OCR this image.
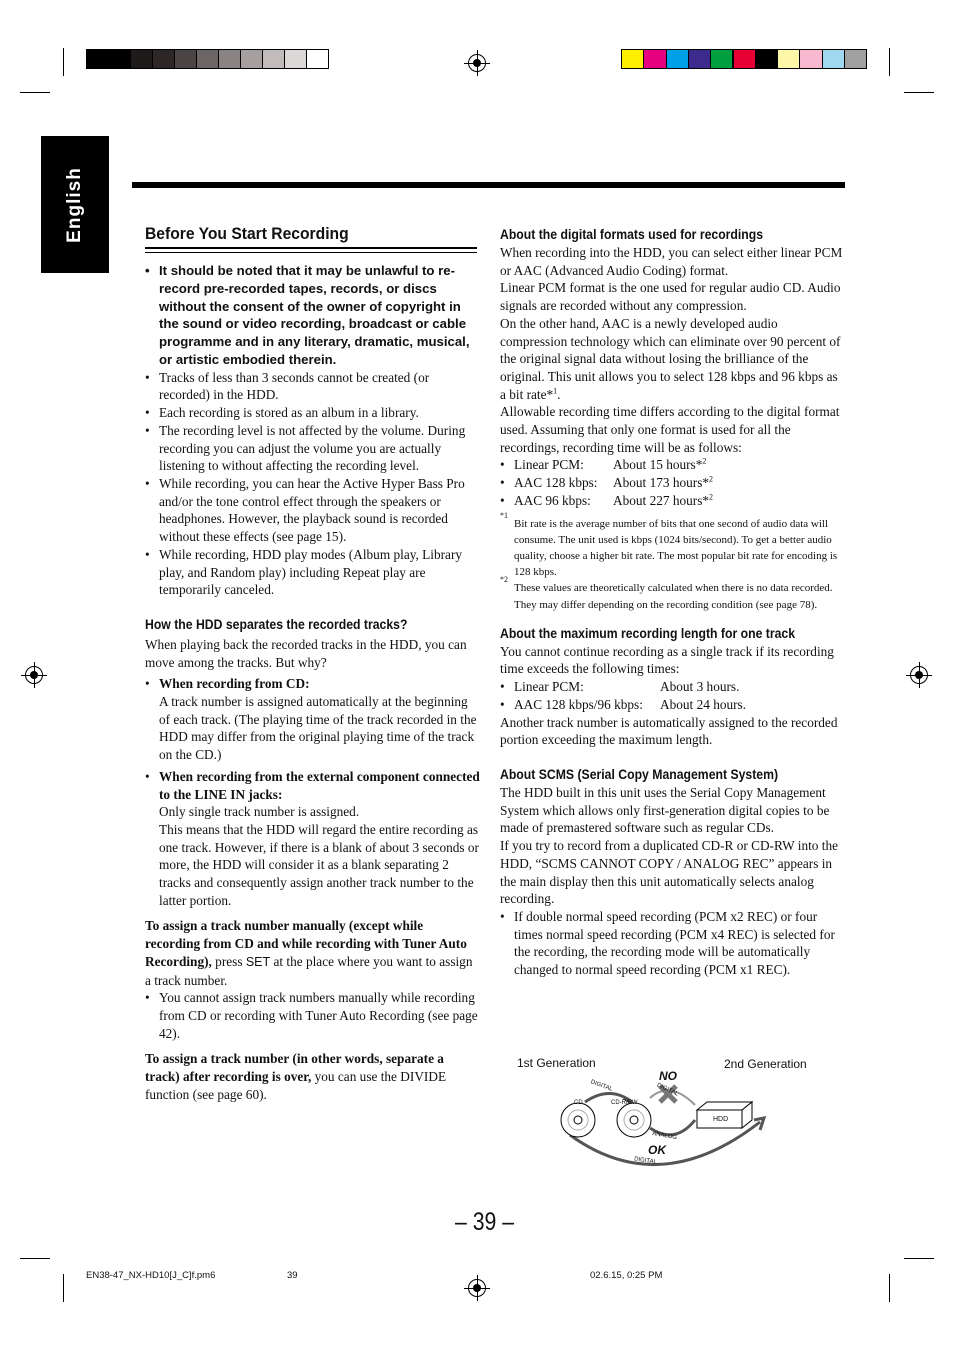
English	Before You Start Recording
• It should be noted that it may be unlawful to re-record pre-recorded tapes, records, or discs without the consent of the owner of copyright in the sound or video recording, broadcast or cable programme and in any literary, dramatic, musical, or artistic embodied therein.
• Tracks of less than 3 seconds cannot be created (or recorded) in the HDD.
• Each recording is stored as an album in a library.
• The recording level is not affected by the volume. During recording you can adjust the volume you are actually listening to without affecting the recording level.
• While recording, you can hear the Active Hyper Bass Pro and/or the tone control effect through the speakers or headphones. However, the playback sound is recorded without these effects (see page 15).
• While recording, HDD play modes (Album play, Library play, and Random play) including Repeat play are temporarily canceled.
How the HDD separates the recorded tracks?

When playing back the recorded tracks in the HDD, you can move among the tracks. But why?

• When recording from CD:
A track number is assigned automatically at the beginning of each track. (The playing time of the track recorded in the HDD may differ from the original playing time of the track on the CD.)
• When recording from the external component connected to the LINE IN jacks:
Only single track number is assigned.
This means that the HDD will regard the entire recording as one track. However, if there is a blank of about 3 seconds or more, the HDD will consider it as a blank separating 2 tracks and consequently assign another track number to the latter portion.

To assign a track number manually (except while recording from CD and while recording with Tuner Auto Recording), press SET at the place where you want to assign a track number.

• You cannot assign track numbers manually while recording from CD or recording with Tuner Auto Recording (see page 42).

To assign a track number (in other words, separate a track) after recording is over, you can use the DIVIDE function (see page 60).

About the digital formats used for recordings

When recording into the HDD, you can select either linear PCM or AAC (Advanced Audio Coding) format.

Linear PCM format is the one used for regular audio CD. Audio signals are recorded without any compression.

On the other hand, AAC is a newly developed audio compression technology which can eliminate over 90 percent of the original signal data without losing the brilliance of the original. This unit allows you to select 128 kbps and 96 kbps as a bit rate*$^1$.

Allowable recording time differs according to the digital format used. Assuming that only one format is used for all the recordings, recording time will be as follows:

• Linear PCM: About 15 hours*$^2$
• AAC 128 kbps: About 173 hours*$^2$
• AAC 96 kbps: About 227 hours*$^2$
*1
Bit rate is the average number of bits that one second of audio data will consume. The unit used is kbps (1024 bits/second). To get a better audio quality, choose a higher bit rate. The most popular bit rate for encoding is 128 kbps.
*2
These values are theoretically calculated when there is no data recorded. They may differ depending on the recording condition (see page 78).
About the maximum recording length for one track

You cannot continue recording as a single track if its recording time exceeds the following times:

• Linear PCM:	About 3 hours.
• AAC 128 kbps/96 kbps: About 24 hours.

Another track number is automatically assigned to the recorded portion exceeding the maximum length.

About SCMS (Serial Copy Management System)

The HDD built in this unit uses the Serial Copy Management System which allows only first-generation digital copies to be made of premastered software such as regular CDs.

If you try to record from a duplicated CD-R or CD-RW into the HDD, “SCMS CANNOT COPY / ANALOG REC” appears in the main display then this unit automatically selects analog recording.

• If double normal speed recording (PCM x2 REC) or four times normal speed recording (PCM x4 REC) is selected for the recording, the recording mode will be automatically changed to normal speed recording (PCM x1 REC).
1st Generation	2nd Generation
CD	CD-R/RW
HDD
DIGITAL
NO
DIGITAL
ANALOG
OK
DIGITAL
– 39 –
EN38-47_NX-HD10[J_C]f.pm6	39	02.6.15, 0:25 PM
